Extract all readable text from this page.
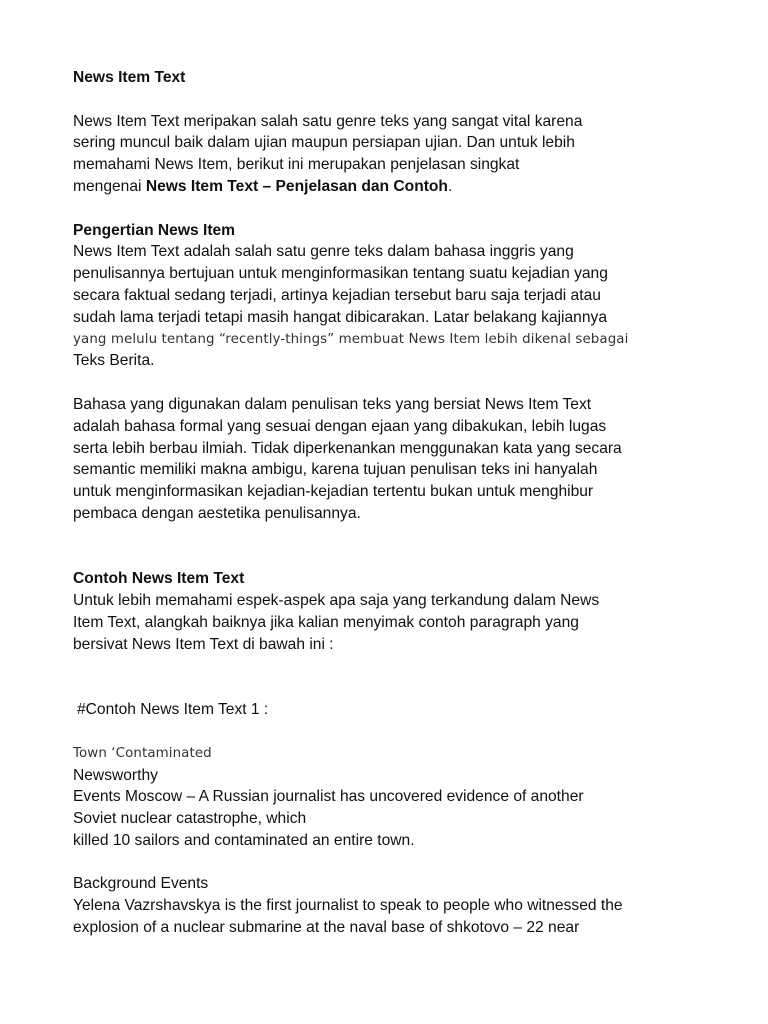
News Item Text
News Item Text meripakan salah satu genre teks yang sangat vital karena
sering muncul baik dalam ujian maupun persiapan ujian. Dan untuk lebih
memahami News Item, berikut ini merupakan penjelasan singkat
mengenai News Item Text – Penjelasan dan Contoh.
Pengertian News Item
News Item Text adalah salah satu genre teks dalam bahasa inggris yang
penulisannya bertujuan untuk menginformasikan tentang suatu kejadian yang
secara faktual sedang terjadi, artinya kejadian tersebut baru saja terjadi atau
sudah lama terjadi tetapi masih hangat dibicarakan. Latar belakang kajiannya
yang melulu tentang “recently-things” membuat News Item lebih dikenal sebagai
Teks Berita.
Bahasa yang digunakan dalam penulisan teks yang bersiat News Item Text
adalah bahasa formal yang sesuai dengan ejaan yang dibakukan, lebih lugas
serta lebih berbau ilmiah. Tidak diperkenankan menggunakan kata yang secara
semantic memiliki makna ambigu, karena tujuan penulisan teks ini hanyalah
untuk menginformasikan kejadian-kejadian tertentu bukan untuk menghibur
pembaca dengan aestetika penulisannya.
Contoh News Item Text
Untuk lebih memahami espek-aspek apa saja yang terkandung dalam News
Item Text, alangkah baiknya jika kalian menyimak contoh paragraph yang
bersivat News Item Text di bawah ini :
#Contoh News Item Text 1 :
Town ‘Contaminated
Newsworthy
Events Moscow – A Russian journalist has uncovered evidence of another
Soviet nuclear catastrophe, which
killed 10 sailors and contaminated an entire town.
Background Events
Yelena Vazrshavskya is the first journalist to speak to people who witnessed the
explosion of a nuclear submarine at the naval base of shkotovo – 22 near
